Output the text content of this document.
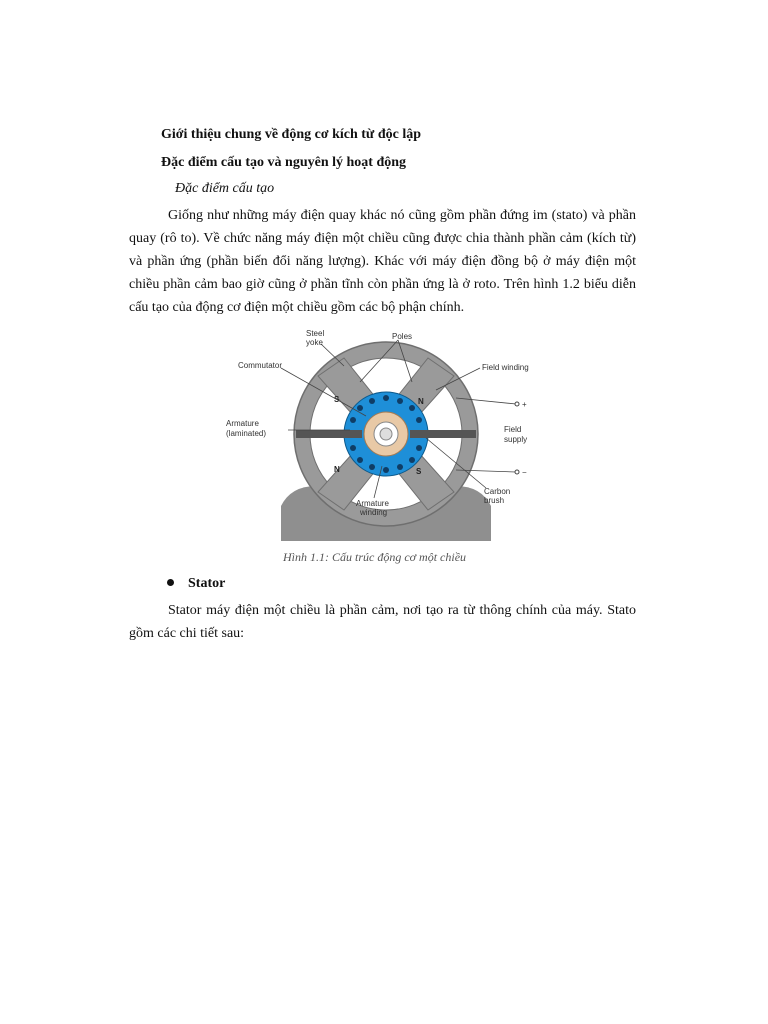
Giới thiệu chung về động cơ kích từ độc lập
Đặc điểm cấu tạo và nguyên lý hoạt động
Đặc điểm cấu tạo

Giống như những máy điện quay khác nó cũng gồm phần đứng im (stato) và phần quay (rô to). Về chức năng máy điện một chiều cũng được chia thành phần cảm (kích từ) và phần ứng (phần biến đổi năng lượng). Khác với máy điện đồng bộ ở máy điện một chiều phần cảm bao giờ cũng ở phần tĩnh còn phần ứng là ở roto. Trên hình 1.2 biểu diễn cấu tạo của động cơ điện một chiều gồm các bộ phận chính.

S	N
N	S
Steel
yoke
Poles
Commutator	Field winding
Armature
(laminated)
+
−
Field
supply
Carbon
brush
Armature
winding
Hình 1.1: Cấu trúc động cơ một chiều
Stator

Stator máy điện một chiều là phần cảm, nơi tạo ra từ thông chính của máy. Stato gồm các chi tiết sau:
